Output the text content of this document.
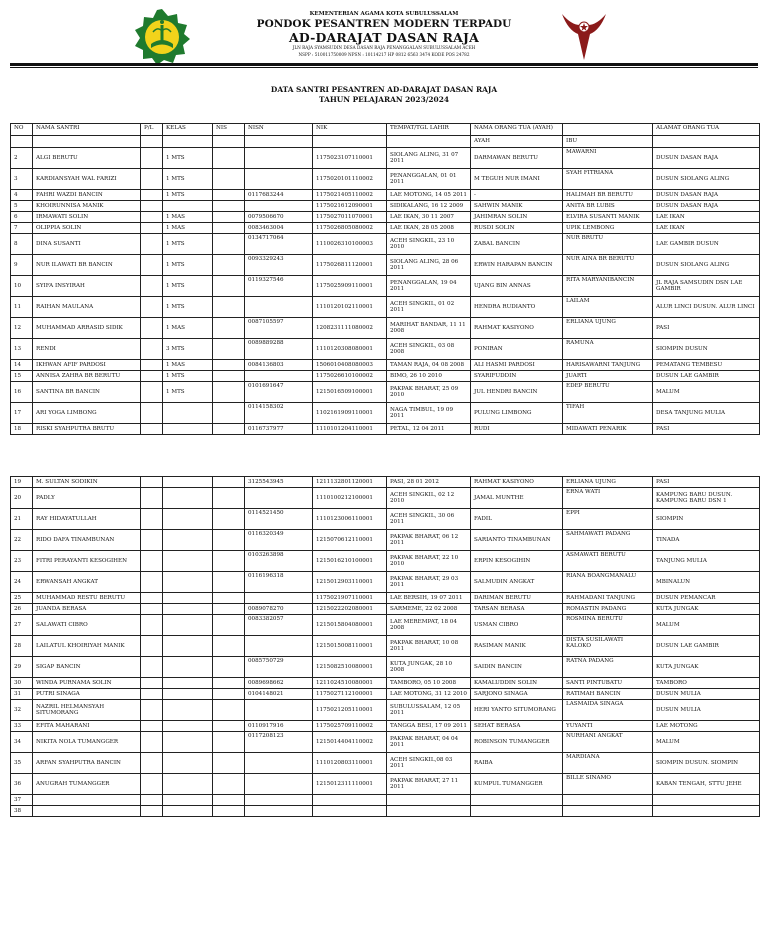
KEMENTERIAN AGAMA KOTA SUBULUSSALAM
PONDOK PESANTREN MODERN TERPADU
AD-DARAJAT DASAN RAJA
JLN RAJA SYAMSUDIN DESA DASAN RAJA PENANGGALAN SUBULUSSALAM ACEH
NSPP : 510011750009 NPSN : 10114217 HP 0812 6563 3474 KODE POS 24782
DATA SANTRI PESANTREN AD-DARAJAT DASAN RAJA
TAHUN PELAJARAN 2023/2024
NO	NAMA SANTRI	P/L	KELAS	NIS	NISN	NIK	TEMPAT/TGL LAHIR	NAMA ORANG TUA (AYAH)		ALAMAT ORANG TUA
								AYAH	IBU	
2	ALGI BERUTU		1 MTS			1175023107110001	SIOLANG ALING, 31 07 2011	DARMAWAN BERUTU	MAWARNI	DUSUN DASAN RAJA
3	KARDIANSYAH WAL FARIZI		1 MTS			1175020101110002	PENANGGALAN, 01 01 2011	M TEGUH NUR IMANI	SYAH FITRIANA	DUSUN SIOLANG ALING
4	FAHRI WAZDI BANCIN		1 MTS		0117683244	1175021405110002	LAE MOTONG, 14 05 2011	-	HALIMAH BR BERUTU	DUSUN DASAN RAJA
5	KHOIRUNNISA MANIK					1175021612090001	SIDIKALANG, 16 12 2009	SAHWIN MANIK	ANITA BR LUBIS	DUSUN DASAN RAJA
6	IRMAWATI SOLIN		1 MAS		0079506670	1175027011070001	LAE IKAN, 30 11 2007	JAHIMRAN SOLIN	ELVIRA SUSANTI MANIK	LAE IKAN
7	OLIPPIA SOLIN		1 MAS		0083463004	1175026805080002	LAE IKAN, 28 05 2008	RUSDI SOLIN	UPIK LEMBONG	LAE IKAN
8	DINA SUSANTI		1 MTS		0134717064	1110026310100003	ACEH SINGKIL, 23 10 2010	ZABAL BANCIN	NUR BRUTU	LAE GAMBIR DUSUN
9	NUR ILAWATI BR BANCIN		1 MTS		0093329243	1175026811120001	SIOLANG ALING, 28 06 2011	ERWIN HARAPAN BANCIN	NUR AINA BR BERUTU	DUSUN SIOLANG ALING
10	SYIFA INSYIRAH		1 MTS		0119327546	1175025909110001	PENANGGALAN, 19 04 2011	UJANG BIN ANNAS	RITA MARYANIBANCIN	JL RAJA SAMSUDIN DSN LAE GAMBIR
11	RAIHAN MAULANA		1 MTS			1110120102110001	ACEH SINGKIL, 01 02 2011	HENDRA RUDIANTO	LAILAM	ALUR LINCI DUSUN. ALUR LINCI
12	MUHAMMAD ARRASID SIDIK		1 MAS		0087105597	1208231111080002	MARIHAT BANDAR, 11 11 2008	RAHMAT KASIYONO	ERLIANA UJUNG	PASI
13	RENDI		3 MTS		0089889288	1110120308080001	ACEH SINGKIL, 03 08 2008	PONIRAN	RAMUNA	SIOMPIN DUSUN
14	IKHWAN AFIF PARDOSI		1 MAS		0084136803	1506010408080003	TAMAN RAJA, 04 08 2008	ALI HASMI PARDOSI	HARISAWARNI TANJUNG	PEMATANG TEMBESU
15	ANNISA ZAHRA BR BERUTU		1 MTS			1175026610100002	BIMO, 26 10 2010	SYARIFUDDIN	JUARTI	DUSUN LAE GAMBIR
16	SANTINA BR BANCIN		1 MTS		0101691647	1215016509100001	PAKPAK BHARAT, 25 09 2010	JUL HENDRI BANCIN	EDEP BERUTU	MALUM
17	ARI YOGA LIMBONG				0114158302	1102161909110001	NAGA TIMBUL, 19 09 2011	PULUNG LIMBONG	TIFAH	DESA TANJUNG MULIA
18	RISKI SYAHPUTRA BRUTU				0116737977	1110101204110001	PETAL, 12 04 2011	RUDI	MIDAWATI PENARIK	PASI
19	M. SULTAN SODIKIN				3125543945	1211132801120001	PASI, 28 01 2012	RAHMAT KASIYONO	ERLIANA UJUNG	PASI
20	PADLY					1110100212100001	ACEH SINGKIL, 02 12 2010	JAMAL MUNTHE	ERNA WATI	KAMPUNG BARU DUSUN. KAMPUNG BARU DSN 1
21	RAY HIDAYATULLAH				0114521450	1110123006110001	ACEH SINGKIL, 30 06 2011	FADIL	EPPI	SIOMPIN
22	RIDO DAFA TINAMBUNAN				0116320349	1215070612110001	PAKPAK BHARAT, 06 12 2011	SARIANTO TINAMBUNAN	SAHMAWATI PADANG	TINADA
23	FITRI PERAYANTI KESOGIHEN				0103263898	1215016210100001	PAKPAK BHARAT, 22 10 2010	ERPIN KESOGIHIN	ASMAWATI BERUTU	TANJUNG MULIA
24	ERWANSAH ANGKAT				0116196318	1215012903110001	PAKPAK BHARAT, 29 03 2011	SALMUDIN ANGKAT	RIANA BOANGMANALU	MBINALUN
25	MUHAMMAD RESTU BERUTU					1175021907110001	LAE BERSIH, 19 07 2011	DARIMAN BERUTU	RAHMADANI TANJUNG	DUSUN PEMANCAR
26	JUANDA BERASA				0089078270	1215022202080001	SARMEME, 22 02 2008	TARSAN BERASA	ROMASTIN PADANG	KUTA JUNGAK
27	SALAWATI CIBRO				0083382057	1215015804080001	LAE MEREMPAT, 18 04 2008	USMAN CIBRO	ROSMINA BERUTU	MALUM
28	LAILATUL KHOIRIYAH MANIK					1215015008110001	PAKPAK BHARAT, 10 08 2011	RASIMAN MANIK	DISTA SUSILAWATI KALOKO	DUSUN LAE GAMBIR
29	SIGAP BANCIN				0085750729	1215082510080001	KUTA JUNGAK, 28 10 2008	SAIDIN BANCIN	RATNA PADANG	KUTA JUNGAK
30	WINDA PURNAMA SOLIN				0089698662	1211024510080001	TAMBORO, 05 10 2008	KAMALUDDIN SOLIN	SANTI PINTUBATU	TAMBORO
31	PUTRI SINAGA				0104148021	1175027112100001	LAE MOTONG, 31 12 2010	SARJONO SINAGA	RATIMAH BANCIN	DUSUN MULIA
32	NAZRIL HELMANSYAH SITUMORANG					1175021205110001	SUBULUSSALAM, 12 05 2011	HERI YANTO SITUMORANG	LASMAIDA SINAGA	DUSUN MULIA
33	EFITA MAHARANI				0110917916	1175025709110002	TANGGA BESI, 17 09 2011	SEHAT BERASA	YUYANTI	LAE MOTONG
34	NIKITA NOLA TUMANGGER				0117208123	1215014404110002	PAKPAK BHARAT, 04 04 2011	ROBINSON TUMANGGER	NURHANI ANGKAT	MALUM
35	ARFAN SYAHPUTRA BANCIN					1110120803110001	ACEH SINGKIL,08 03 2011	RAIBA	MARDIANA	SIOMPIN DUSUN. SIOMPIN
36	ANUGRAH TUMANGGER					1215012311110001	PAKPAK BHARAT, 27 11 2011	KUMPUL TUMANGGER	BILLE SINAMO	KABAN TENGAH, STTU JEHE
37										
38										
